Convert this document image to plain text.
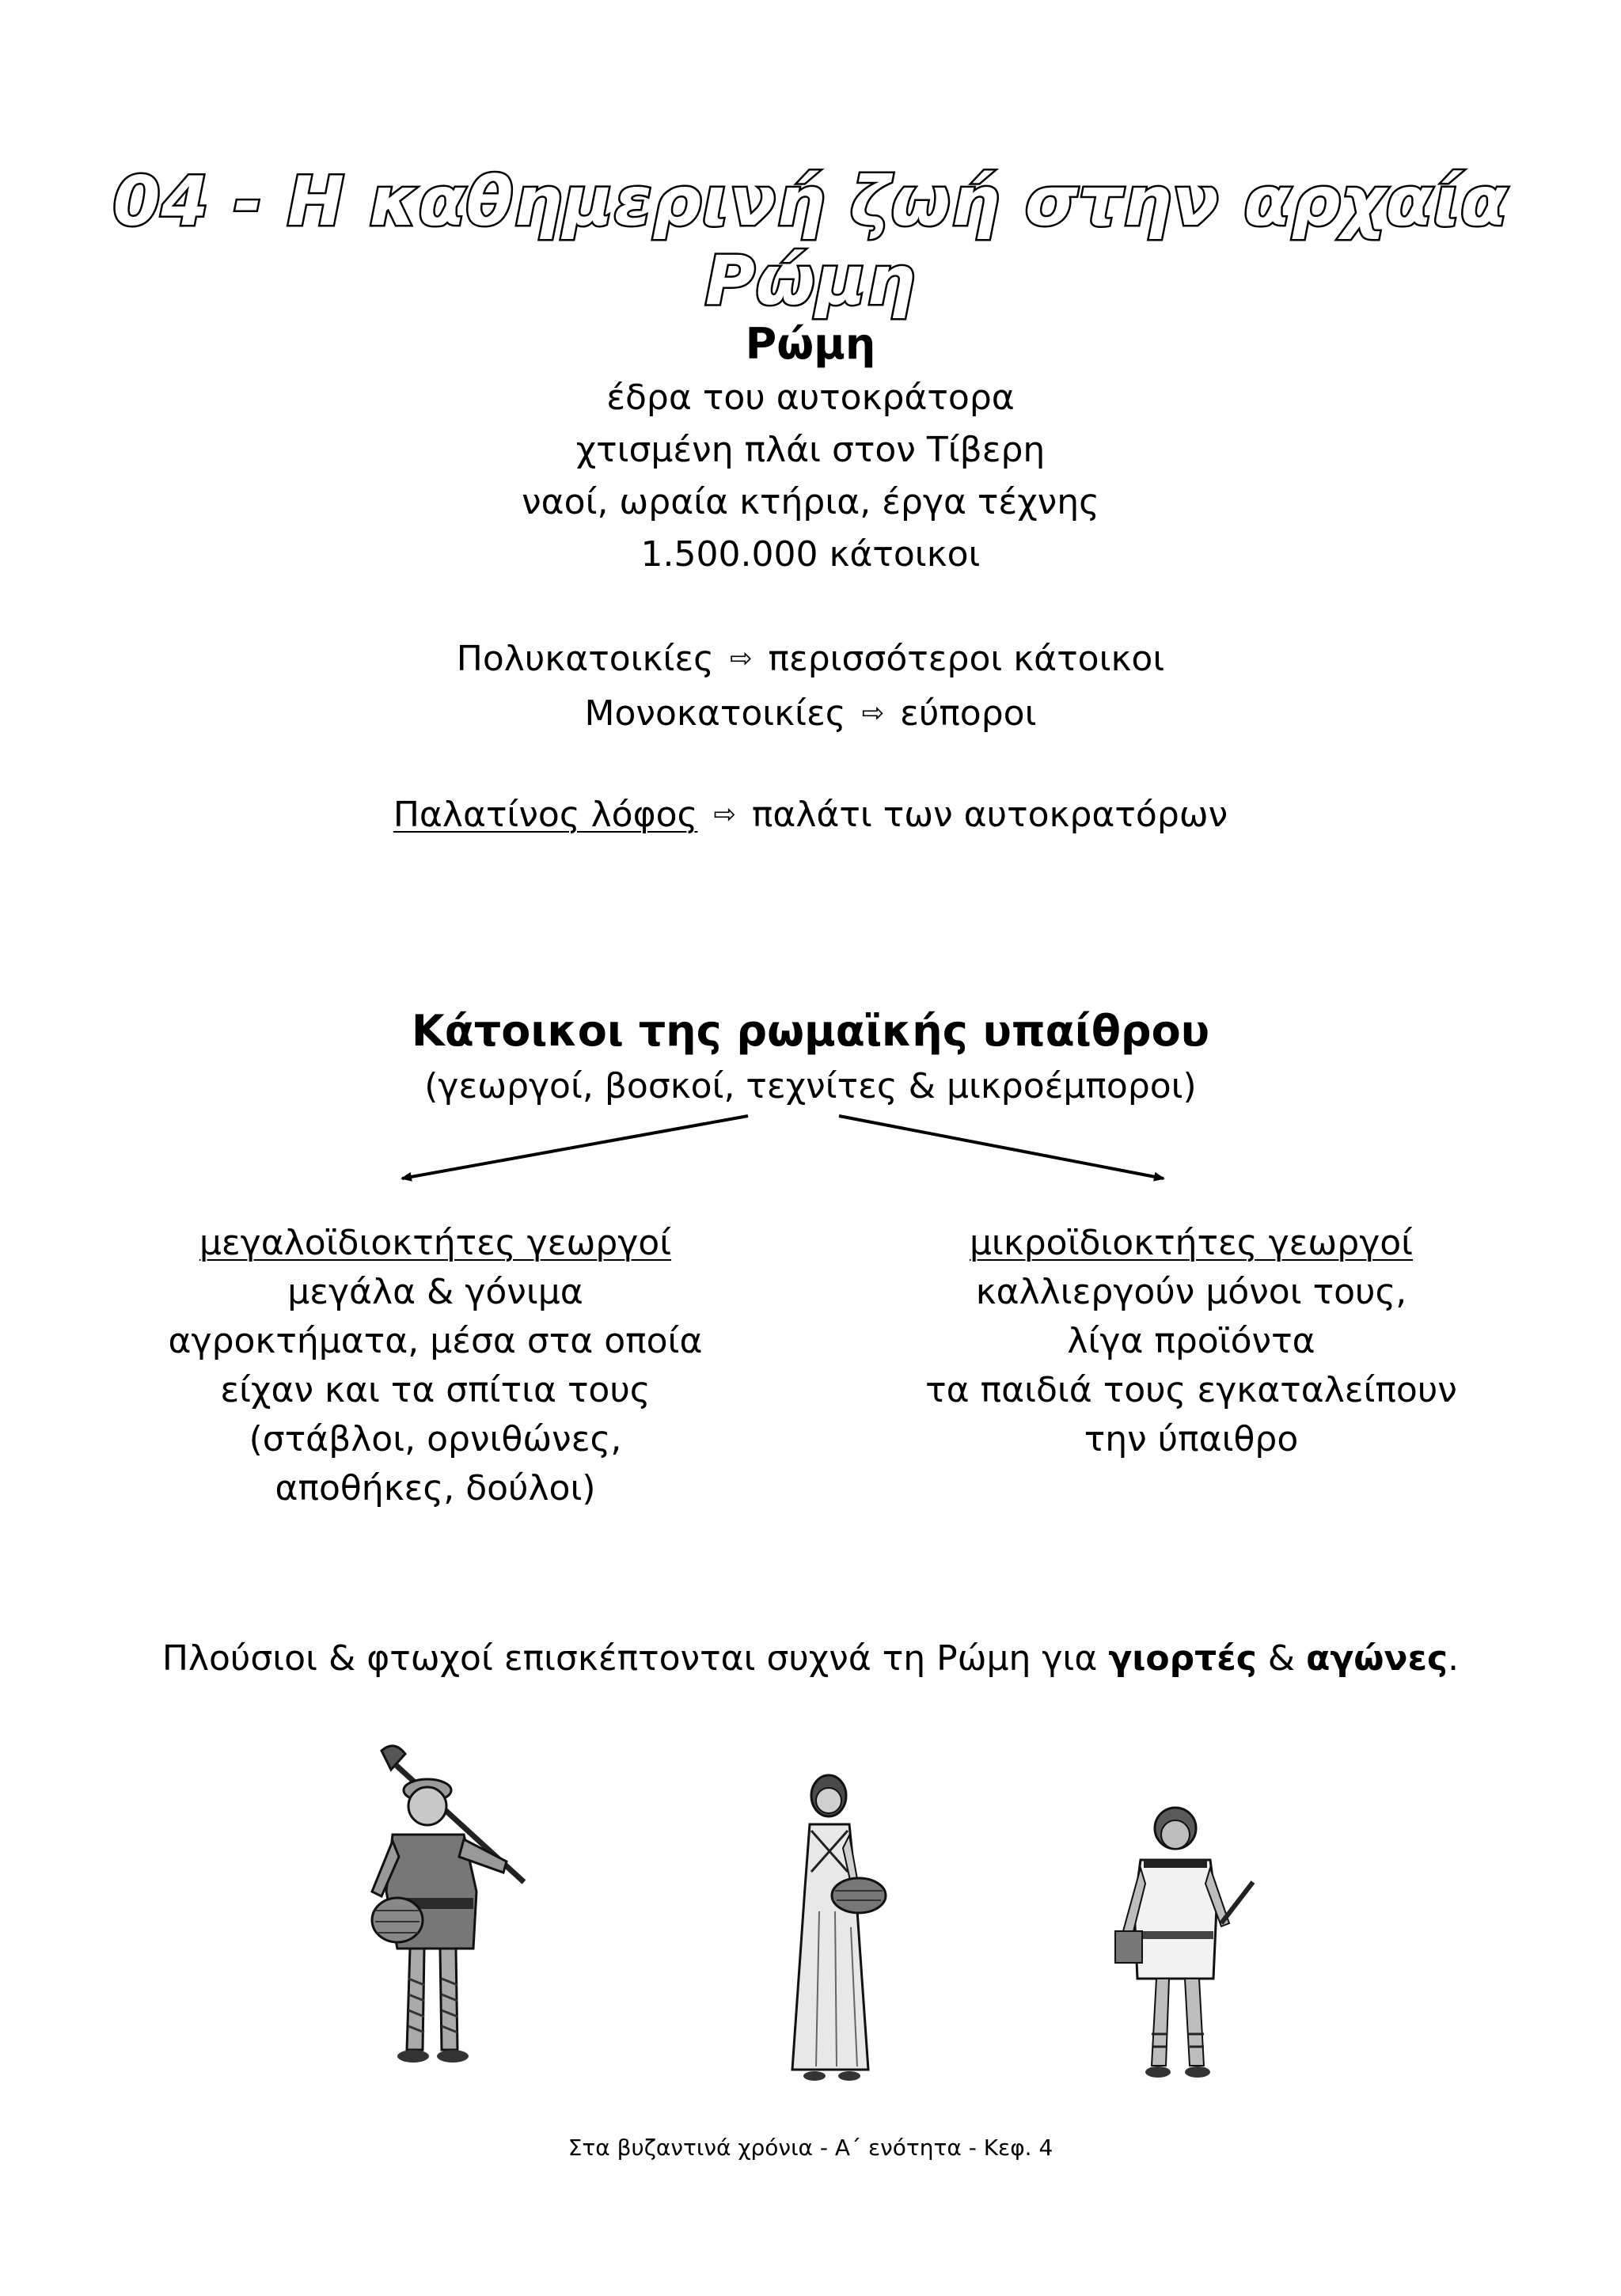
04 - Η καθημερινή ζωή στην αρχαία Ρώμη
Ρώμη
έδρα του αυτοκράτορα
χτισμένη πλάι στον Τίβερη
ναοί, ωραία κτήρια, έργα τέχνης
1.500.000 κάτοικοι
Πολυκατοικίες ⇨ περισσότεροι κάτοικοι
Μονοκατοικίες ⇨ εύποροι
Παλατίνος λόφος ⇨ παλάτι των αυτοκρατόρων
Κάτοικοι της ρωμαϊκής υπαίθρου
(γεωργοί, βοσκοί, τεχνίτες & μικροέμποροι)
μεγαλοϊδιοκτήτες γεωργοί
μεγάλα & γόνιμα
αγροκτήματα, μέσα στα οποία
είχαν και τα σπίτια τους
(στάβλοι, ορνιθώνες,
αποθήκες, δούλοι)
μικροϊδιοκτήτες γεωργοί
καλλιεργούν μόνοι τους,
λίγα προϊόντα
τα παιδιά τους εγκαταλείπουν
την ύπαιθρο
Πλούσιοι & φτωχοί επισκέπτονται συχνά τη Ρώμη για γιορτές & αγώνες.
Στα βυζαντινά χρόνια - Α΄ ενότητα - Κεφ. 4
